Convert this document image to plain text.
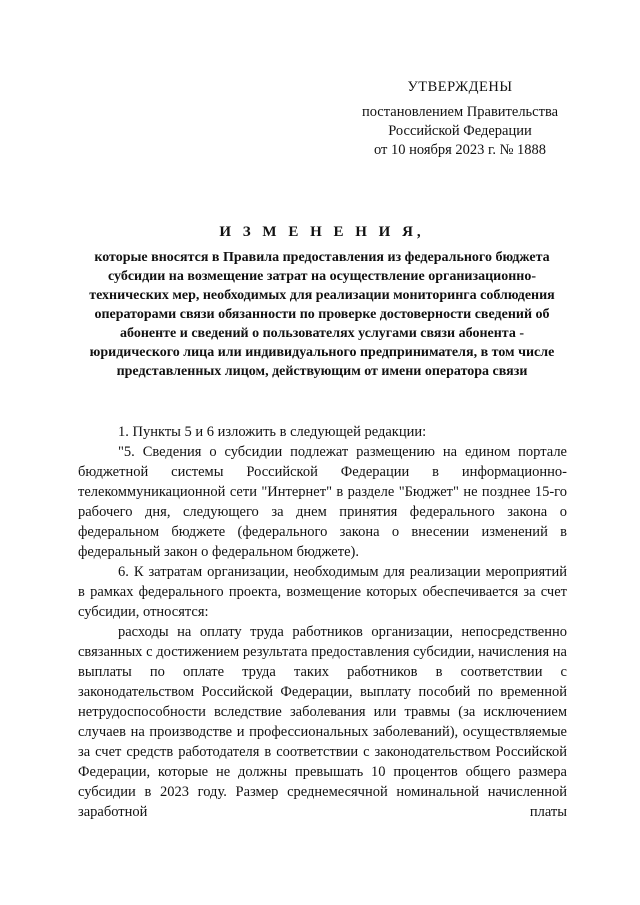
УТВЕРЖДЕНЫ
постановлением Правительства
Российской Федерации
от 10 ноября 2023 г. № 1888
И З М Е Н Е Н И Я,
которые вносятся в Правила предоставления из федерального бюджета субсидии на возмещение затрат на осуществление организационно-технических мер, необходимых для реализации мониторинга соблюдения операторами связи обязанности по проверке достоверности сведений об абоненте и сведений о пользователях услугами связи абонента - юридического лица или индивидуального предпринимателя, в том числе представленных лицом, действующим от имени оператора связи

1. Пункты 5 и 6 изложить в следующей редакции:

"5. Сведения о субсидии подлежат размещению на едином портале бюджетной системы Российской Федерации в информационно-телекоммуникационной сети "Интернет" в разделе "Бюджет" не позднее 15-го рабочего дня, следующего за днем принятия федерального закона о федеральном бюджете (федерального закона о внесении изменений в федеральный закон о федеральном бюджете).

6. К затратам организации, необходимым для реализации мероприятий в рамках федерального проекта, возмещение которых обеспечивается за счет субсидии, относятся:

расходы на оплату труда работников организации, непосредственно связанных с достижением результата предоставления субсидии, начисления на выплаты по оплате труда таких работников в соответствии с законодательством Российской Федерации, выплату пособий по временной нетрудоспособности вследствие заболевания или травмы (за исключением случаев на производстве и профессиональных заболеваний), осуществляемые за счет средств работодателя в соответствии с законодательством Российской Федерации, которые не должны превышать 10 процентов общего размера субсидии в 2023 году. Размер среднемесячной номинальной начисленной заработной платы
